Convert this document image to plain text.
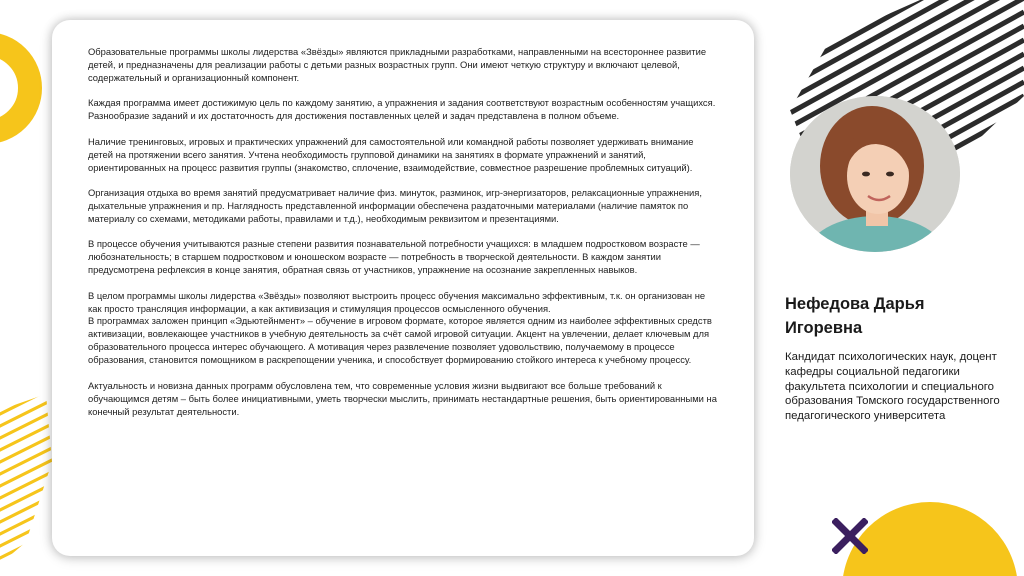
Образовательные программы школы лидерства «Звёзды» являются прикладными разработками, направленными на всестороннее развитие детей, и предназначены для реализации работы с детьми разных возрастных групп. Они имеют четкую структуру и включают целевой, содержательный и организационный компонент.

Каждая программа имеет достижимую цель по каждому занятию, а упражнения и задания соответствуют возрастным особенностям учащихся. Разнообразие заданий и их достаточность для достижения поставленных целей и задач представлена в полном объеме.

Наличие тренинговых, игровых и практических упражнений для самостоятельной или командной работы позволяет удерживать внимание детей на протяжении всего занятия. Учтена необходимость групповой динамики на занятиях в формате упражнений и занятий, ориентированных на процесс развития группы (знакомство, сплочение, взаимодействие, совместное разрешение проблемных ситуаций).

Организация отдыха во время занятий предусматривает наличие физ. минуток, разминок, игр-энергизаторов, релаксационные упражнения, дыхательные упражнения и пр. Наглядность представленной информации обеспечена раздаточными материалами (наличие памяток по материалу со схемами, методиками работы, правилами и т.д.), необходимым реквизитом и презентациями.

В процессе обучения учитываются разные степени развития познавательной потребности учащихся: в младшем подростковом возрасте — любознательность; в старшем подростковом и юношеском возрасте — потребность в творческой деятельности. В каждом занятии предусмотрена рефлексия в конце занятия, обратная связь от участников, упражнение на осознание закрепленных навыков.

В целом программы школы лидерства «Звёзды» позволяют выстроить процесс обучения максимально эффективным, т.к. он организован не как просто трансляция информации, а как активизация и стимуляция процессов осмысленного обучения.

В программах заложен принцип «Эдьютейнмент» – обучение в игровом формате, которое является одним из наиболее эффективных средств активизации, вовлекающее участников в учебную деятельность за счёт самой игровой ситуации. Акцент на увлечении, делает ключевым для образовательного процесса интерес обучающего. А мотивация через развлечение позволяет удовольствию, получаемому в процессе образования, становится помощником в раскрепощении ученика, и способствует формированию стойкого интереса к учебному процессу.

Актуальность и новизна данных программ обусловлена тем, что современные условия жизни выдвигают все больше требований к обучающимся детям – быть более инициативными, уметь творчески мыслить, принимать нестандартные решения, быть ориентированными на конечный результат деятельности.

Нефедова Дарья
Игоревна
Кандидат психологических наук, доцент кафедры социальной педагогики факультета психологии и специального образования Томского государственного педагогического университета
